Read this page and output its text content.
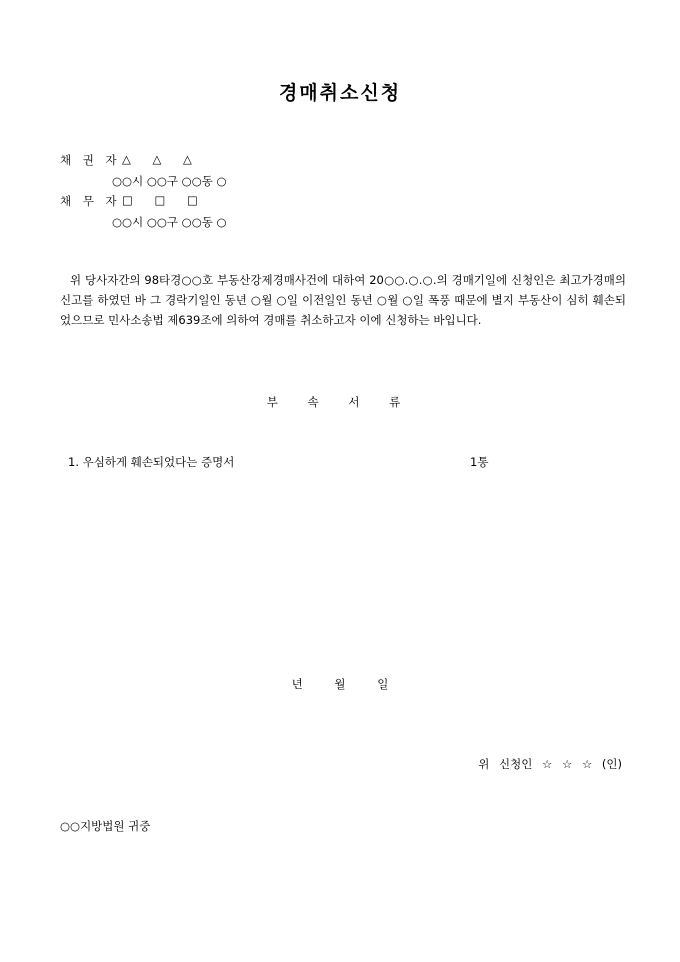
경매취소신청
채 권 자 △ △ △
○○시 ○○구 ○○동 ○
채 무 자 □ □ □
○○시 ○○구 ○○동 ○
위 당사자간의 98타경○○호 부동산강제경매사건에 대하여 20○○.○.○.의 경매기일에 신청인은 최고가경매의 신고를 하였던 바 그 경락기일인 동년 ○월 ○일 이전일인 동년 ○월 ○일 폭풍 때문에 별지 부동산이 심히 훼손되었으므로 민사소송법 제639조에 의하여 경매를 취소하고자 이에 신청하는 바입니다.
부 속 서 류
1. 우심하게 훼손되었다는 증명서	1통
년 월 일
위 신청인 ☆ ☆ ☆ (인)
○○지방법원 귀중
